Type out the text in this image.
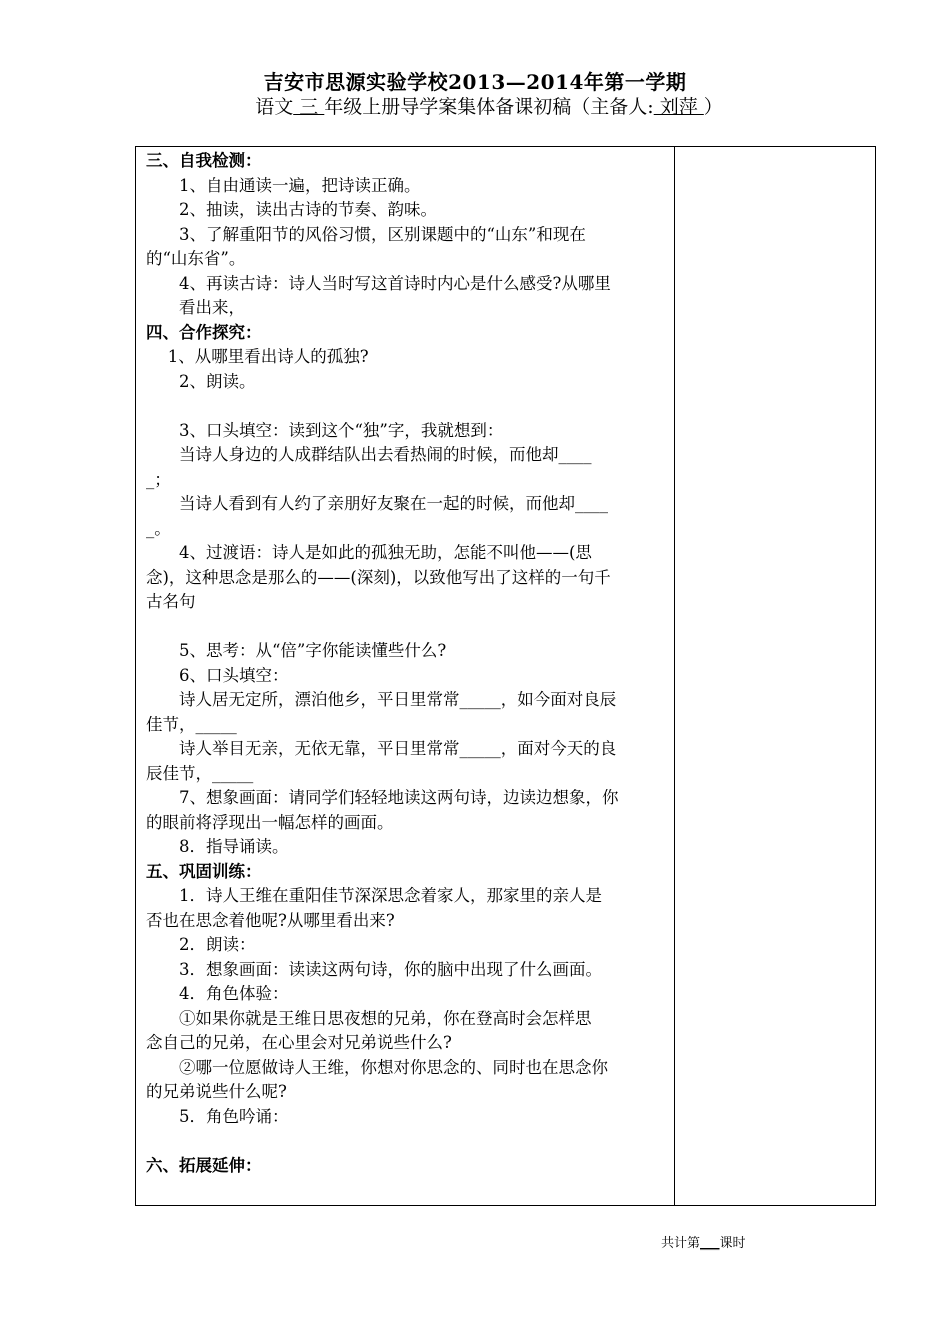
吉安市思源实验学校2013—2014年第一学期
语文 三 年级上册导学案集体备课初稿（主备人: 刘萍 ）
三、自我检测：
　　1、自由通读一遍，把诗读正确。
　　2、抽读，读出古诗的节奏、韵味。
　　3、了解重阳节的风俗习惯，区别课题中的“山东”和现在
的“山东省”。
　　4、再读古诗：诗人当时写这首诗时内心是什么感受?从哪里
　　看出来，
四、合作探究：
　 1、从哪里看出诗人的孤独?
　　2、朗读。
　　3、口头填空：读到这个“独”字，我就想到：
　　当诗人身边的人成群结队出去看热闹的时候，而他却____
_；
　　当诗人看到有人约了亲朋好友聚在一起的时候，而他却____
_。
　　4、过渡语：诗人是如此的孤独无助，怎能不叫他——(思
念)，这种思念是那么的——(深刻)，以致他写出了这样的一句千
古名句
　　5、思考：从“倍”字你能读懂些什么?
　　6、口头填空：
　　诗人居无定所，漂泊他乡，平日里常常_____，如今面对良辰
佳节，_____
　　诗人举目无亲，无依无靠，平日里常常_____，面对今天的良
辰佳节，_____
　　7、想象画面：请同学们轻轻地读这两句诗，边读边想象，你
的眼前将浮现出一幅怎样的画面。
　　8．指导诵读。
五、巩固训练：
　　1．诗人王维在重阳佳节深深思念着家人，那家里的亲人是
否也在思念着他呢?从哪里看出来?
　　2．朗读：
　　3．想象画面：读读这两句诗，你的脑中出现了什么画面。
　　4．角色体验：
　　①如果你就是王维日思夜想的兄弟，你在登高时会怎样思
念自己的兄弟，在心里会对兄弟说些什么?
　　②哪一位愿做诗人王维，你想对你思念的、同时也在思念你
的兄弟说些什么呢?
　　5．角色吟诵：
六、拓展延伸：
共计第___课时
